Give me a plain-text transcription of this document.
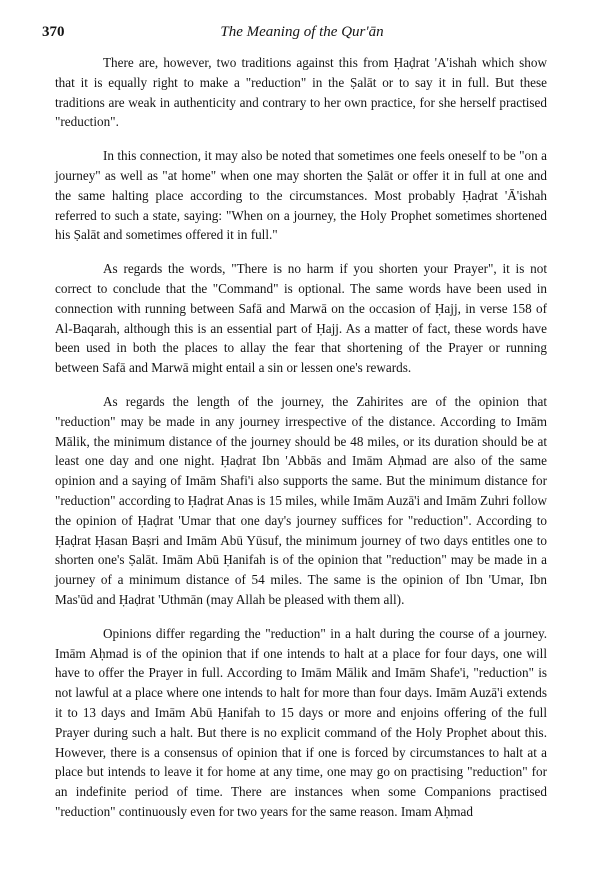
370	The Meaning of the Qur'ān

There are, however, two traditions against this from Ḥaḍrat 'A'ishah which show that it is equally right to make a "reduction" in the Ṣalāt or to say it in full. But these traditions are weak in authenticity and contrary to her own practice, for she herself practised "reduction".

In this connection, it may also be noted that sometimes one feels oneself to be "on a journey" as well as "at home" when one may shorten the Ṣalāt or offer it in full at one and the same halting place according to the circumstances. Most probably Ḥaḍrat 'Ā'ishah referred to such a state, saying: "When on a journey, the Holy Prophet sometimes shortened his Ṣalāt and sometimes offered it in full."

As regards the words, "There is no harm if you shorten your Prayer", it is not correct to conclude that the "Command" is optional. The same words have been used in connection with running between Safā and Marwā on the occasion of Ḥajj, in verse 158 of Al-Baqarah, although this is an essential part of Ḥajj. As a matter of fact, these words have been used in both the places to allay the fear that shortening of the Prayer or running between Safā and Marwā might entail a sin or lessen one's rewards.

As regards the length of the journey, the Zahirites are of the opinion that "reduction" may be made in any journey irrespective of the distance. According to Imām Mālik, the minimum distance of the journey should be 48 miles, or its duration should be at least one day and one night. Ḥaḍrat Ibn 'Abbās and Imām Aḥmad are also of the same opinion and a saying of Imām Shafi'i also supports the same. But the minimum distance for "reduction" according to Ḥaḍrat Anas is 15 miles, while Imām Auzā'i and Imām Zuhri follow the opinion of Ḥaḍrat 'Umar that one day's journey suffices for "reduction". According to Ḥaḍrat Ḥasan Baṣri and Imām Abū Yūsuf, the minimum journey of two days entitles one to shorten one's Ṣalāt. Imām Abū Ḥanifah is of the opinion that "reduction" may be made in a journey of a minimum distance of 54 miles. The same is the opinion of Ibn 'Umar, Ibn Mas'ūd and Ḥaḍrat 'Uthmān (may Allah be pleased with them all).

Opinions differ regarding the "reduction" in a halt during the course of a journey. Imām Aḥmad is of the opinion that if one intends to halt at a place for four days, one will have to offer the Prayer in full. According to Imām Mālik and Imām Shafe'i, "reduction" is not lawful at a place where one intends to halt for more than four days. Imām Auzā'i extends it to 13 days and Imām Abū Ḥanifah to 15 days or more and enjoins offering of the full Prayer during such a halt. But there is no explicit command of the Holy Prophet about this. However, there is a consensus of opinion that if one is forced by circumstances to halt at a place but intends to leave it for home at any time, one may go on practising "reduction" for an indefinite period of time. There are instances when some Companions practised "reduction" continuously even for two years for the same reason. Imam Aḥmad
